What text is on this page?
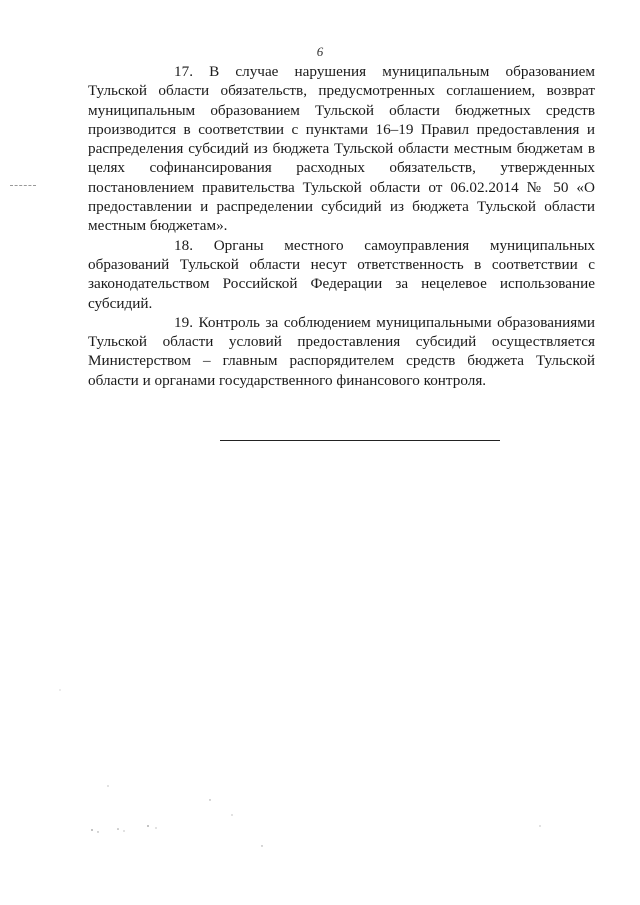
6

17. В случае нарушения муниципальным образованием Тульской области обязательств, предусмотренных соглашением, возврат муниципальным образованием Тульской области бюджетных средств производится в соответствии с пунктами 16–19 Правил предоставления и распределения субсидий из бюджета Тульской области местным бюджетам в целях софинансирования расходных обязательств, утвержденных постановлением правительства Тульской области от 06.02.2014 № 50 «О предоставлении и распределении субсидий из бюджета Тульской области местным бюджетам».

18. Органы местного самоуправления муниципальных образований Тульской области несут ответственность в соответствии с законодательством Российской Федерации за нецелевое использование субсидий.

19. Контроль за соблюдением муниципальными образованиями Тульской области условий предоставления субсидий осуществляется Министерством – главным распорядителем средств бюджета Тульской области и органами государственного финансового контроля.
